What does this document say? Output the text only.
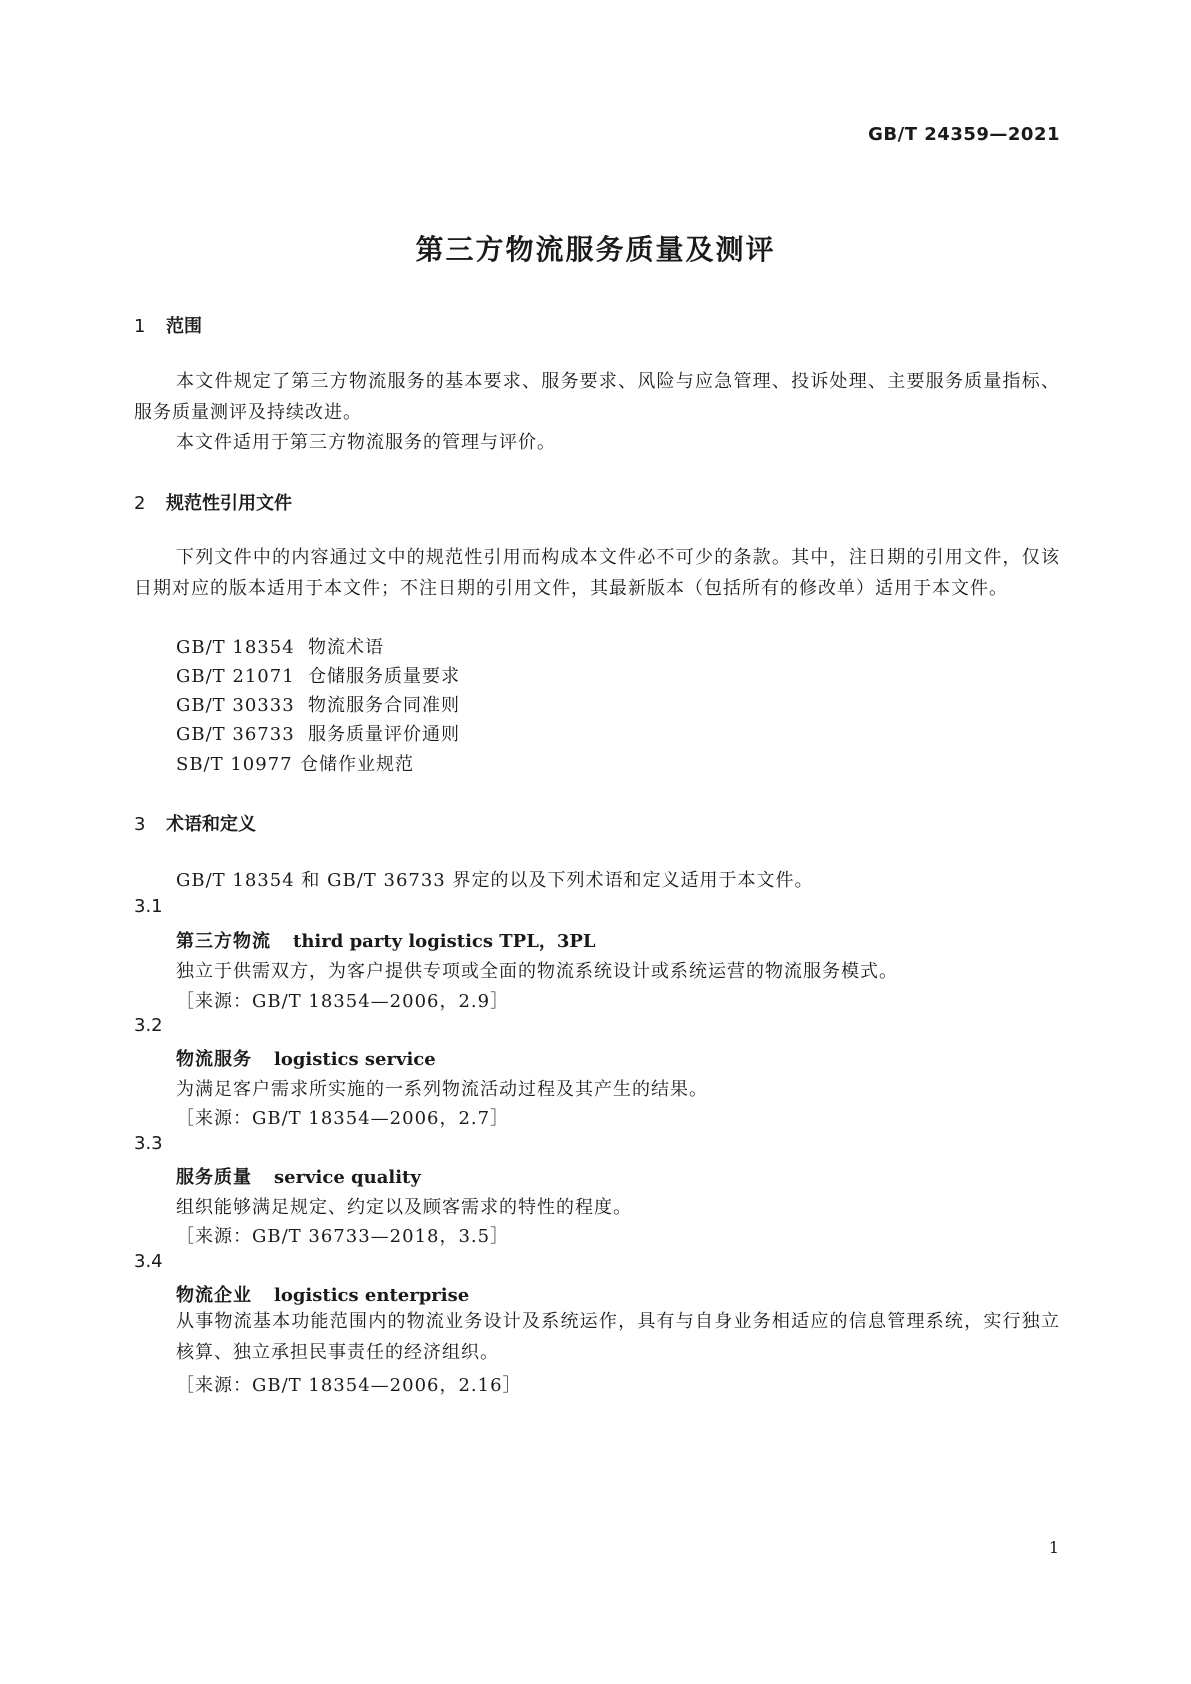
GB/T 24359—2021
第三方物流服务质量及测评
1 范围
本文件规定了第三方物流服务的基本要求、服务要求、风险与应急管理、投诉处理、主要服务质量指标、服务质量测评及持续改进。
本文件适用于第三方物流服务的管理与评价。
2 规范性引用文件
下列文件中的内容通过文中的规范性引用而构成本文件必不可少的条款。其中，注日期的引用文件，仅该日期对应的版本适用于本文件；不注日期的引用文件，其最新版本（包括所有的修改单）适用于本文件。
GB/T 18354 物流术语
GB/T 21071 仓储服务质量要求
GB/T 30333 物流服务合同准则
GB/T 36733 服务质量评价通则
SB/T 10977 仓储作业规范
3 术语和定义
GB/T 18354 和 GB/T 36733 界定的以及下列术语和定义适用于本文件。
3.1
第三方物流 third party logistics TPL，3PL
独立于供需双方，为客户提供专项或全面的物流系统设计或系统运营的物流服务模式。
［来源：GB/T 18354—2006，2.9］
3.2
物流服务 logistics service
为满足客户需求所实施的一系列物流活动过程及其产生的结果。
［来源：GB/T 18354—2006，2.7］
3.3
服务质量 service quality
组织能够满足规定、约定以及顾客需求的特性的程度。
［来源：GB/T 36733—2018，3.5］
3.4
物流企业 logistics enterprise
从事物流基本功能范围内的物流业务设计及系统运作，具有与自身业务相适应的信息管理系统，实行独立核算、独立承担民事责任的经济组织。
［来源：GB/T 18354—2006，2.16］
1
